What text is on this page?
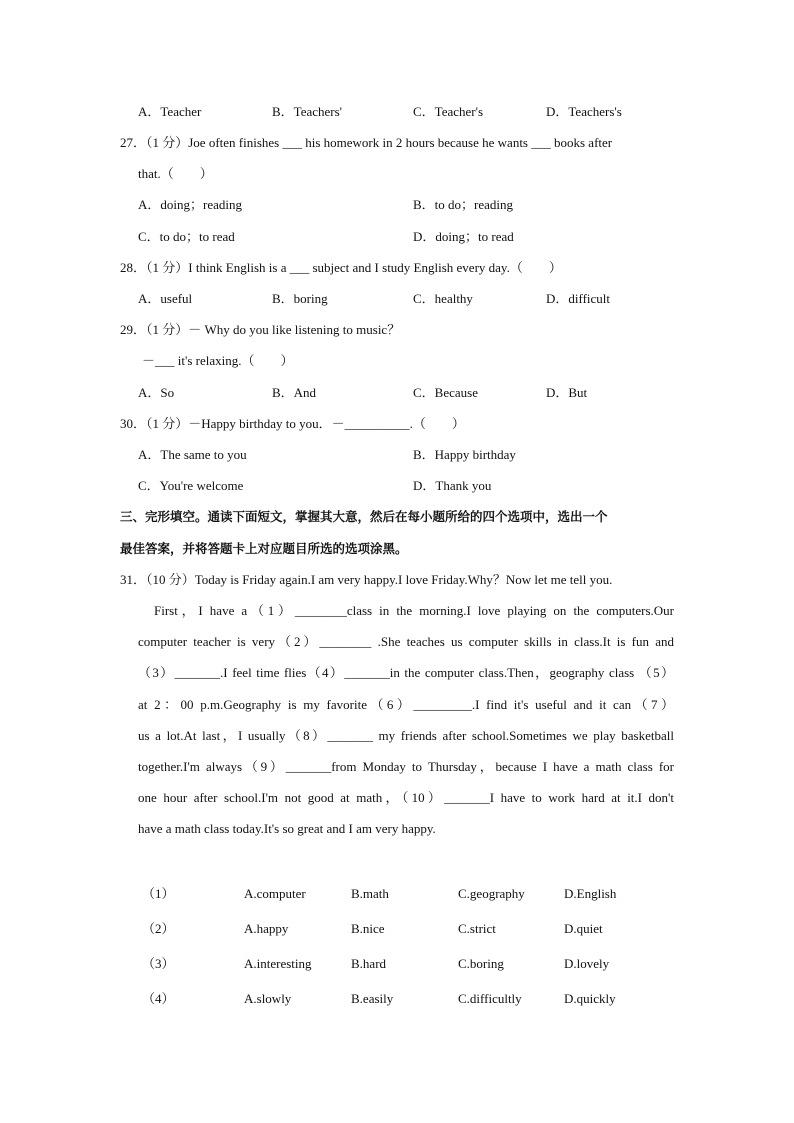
A．Teacher	B．Teachers'	C．Teacher's	D．Teachers's
27．（1 分）Joe often finishes ___ his homework in 2 hours because he wants ___ books after
that.（　　）
A．doing；reading	B．to do；reading
C．to do；to read	D．doing；to read
28．（1 分）I think English is a ___ subject and I study English every day.（　　）
A．useful	B．boring	C．healthy	D．difficult
29．（1 分）－ Why do you like listening to music？
－___ it's relaxing.（　　）
A．So	B．And	C．Because	D．But
30．（1 分）－Happy birthday to you．－__________.（　　）
A．The same to you	B．Happy birthday
C．You're welcome	D．Thank you
三、完形填空。通读下面短文，掌握其大意，然后在每小题所给的四个选项中，选出一个
最佳答案，并将答题卡上对应题目所选的选项涂黑。
31．（10 分）Today is Friday again.I am very happy.I love Friday.Why？Now let me tell you.
First，I have a（1）________class in the morning.I love playing on the computers.Our
computer teacher is very（2）________ .She teaches us computer skills in class.It is fun and
（3）_______.I feel time flies（4）_______in the computer class.Then，geography class （5）
at 2：00 p.m.Geography is my favorite（6）_________.I find it's useful and it can（7）
us a lot.At last，I usually（8）_______ my friends after school.Sometimes we play basketball
together.I'm always（9）_______from Monday to Thursday，because I have a math class for
one hour after school.I'm not good at math，（10）_______I have to work hard at it.I don't
have a math class today.It's so great and I am very happy.
（1）	A.computer	B.math	C.geography	D.English
（2）	A.happy	B.nice	C.strict	D.quiet
（3）	A.interesting	B.hard	C.boring	D.lovely
（4）	A.slowly	B.easily	C.difficultly	D.quickly
